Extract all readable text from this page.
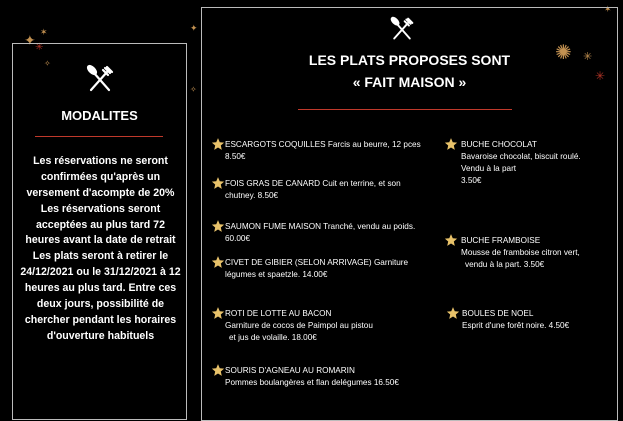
✦ ✶
✳
✧
✦
✧
✺ ✳
✳
✶
MODALITES

Les réservations ne seront confirmées qu'après un versement d'acompte de 20%

Les réservations seront acceptées au plus tard 72 heures avant la date de retrait

Les plats seront à retirer le 24/12/2021 ou le 31/12/2021 à 12 heures au plus tard. Entre ces deux jours, possibilité de chercher pendant les horaires d'ouverture habituels

LES PLATS PROPOSES SONT
« FAIT MAISON »
ESCARGOTS COQUILLES Farcis au beurre, 12 pces 8.50€
FOIS GRAS DE CANARD Cuit en terrine, et son chutney. 8.50€
SAUMON FUME MAISON Tranché, vendu au poids. 60.00€
CIVET DE GIBIER (SELON ARRIVAGE) Garniture légumes et spaetzle. 14.00€
ROTI DE LOTTE AU BACON
Garniture de cocos de Paimpol au pistou
et jus de volaille. 18.00€
SOURIS D'AGNEAU AU ROMARIN
Pommes boulangères et flan delégumes 16.50€
BUCHE CHOCOLAT
Bavaroise chocolat, biscuit roulé.
Vendu à la part
3.50€
BUCHE FRAMBOISE
Mousse de framboise citron vert,
vendu à la part. 3.50€
BOULES DE NOEL
Esprit d'une forêt noire. 4.50€
